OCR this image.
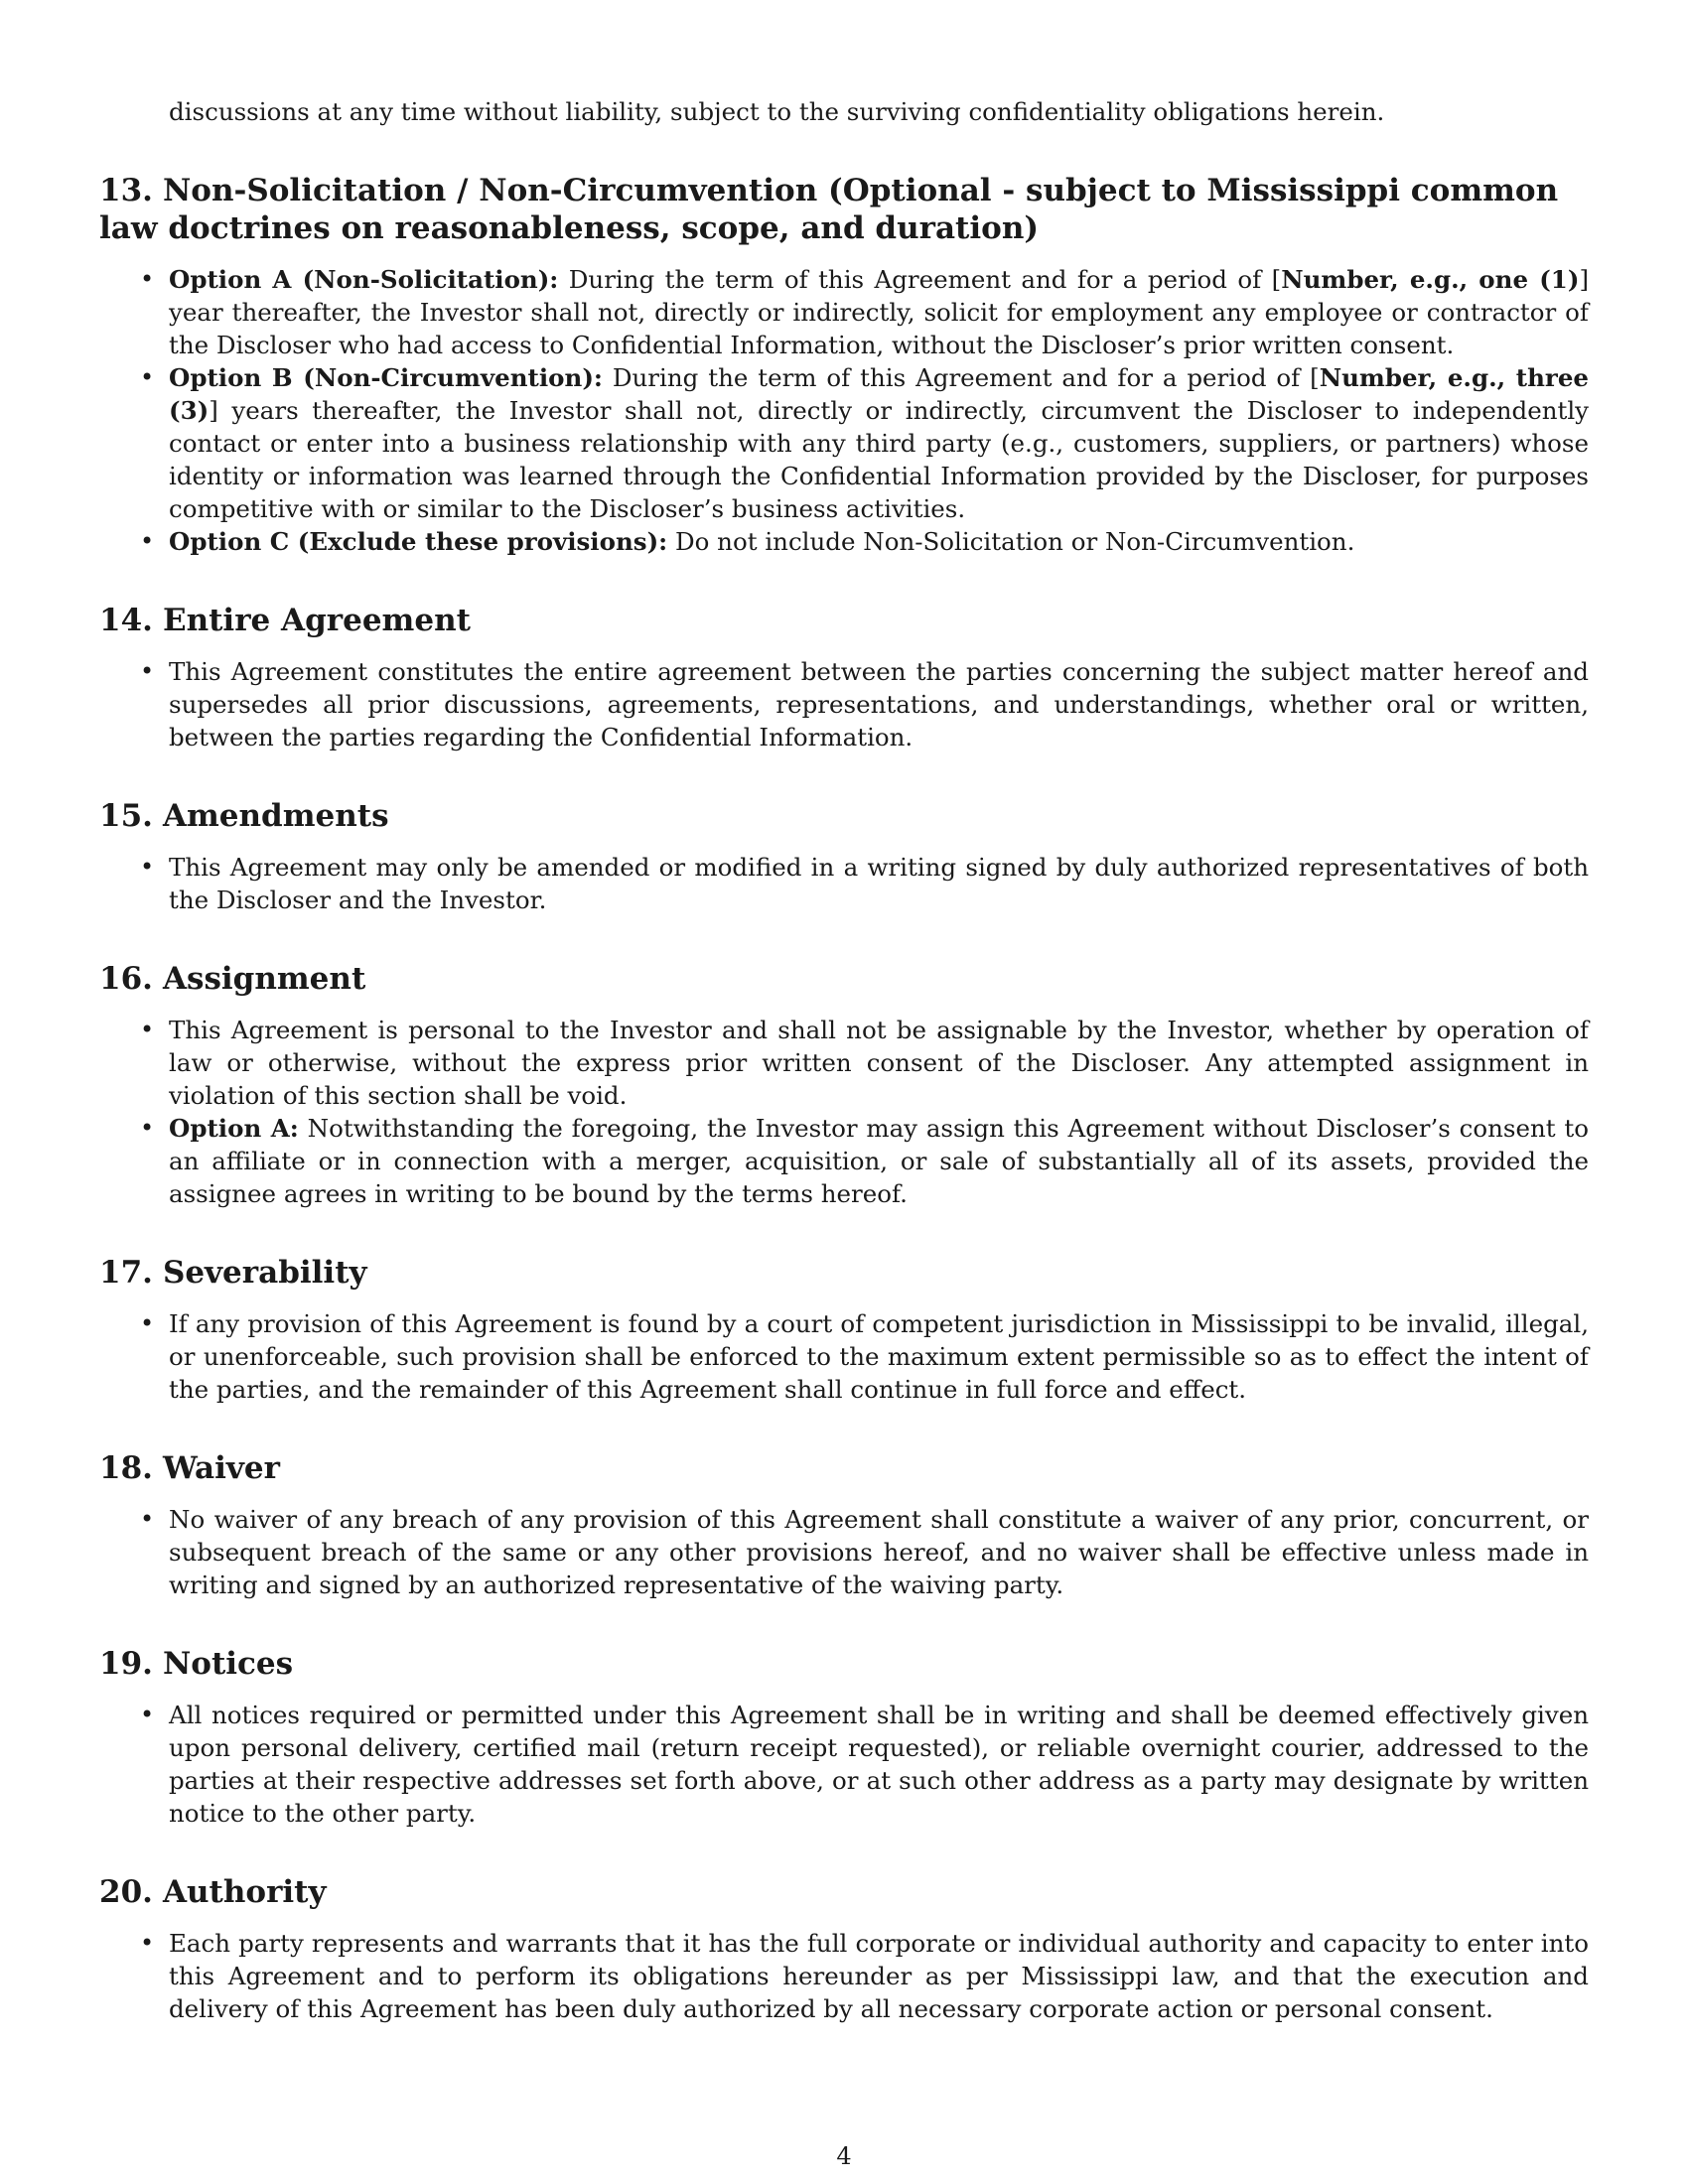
discussions at any time without liability, subject to the surviving confidentiality obligations herein.

13. Non-Solicitation / Non-Circumvention (Optional - subject to Mississippi common law doctrines on reasonableness, scope, and duration)
• Option A (Non-Solicitation): During the term of this Agreement and for a period of [Number, e.g., one (1)] year thereafter, the Investor shall not, directly or indirectly, solicit for employment any employee or contractor of the Discloser who had access to Confidential Information, without the Discloser’s prior written consent.
• Option B (Non-Circumvention): During the term of this Agreement and for a period of [Number, e.g., three (3)] years thereafter, the Investor shall not, directly or indirectly, circumvent the Discloser to independently contact or enter into a business relationship with any third party (e.g., customers, suppliers, or partners) whose identity or information was learned through the Confidential Information provided by the Discloser, for purposes competitive with or similar to the Discloser’s business activities.
• Option C (Exclude these provisions): Do not include Non-Solicitation or Non-Circumvention.
14. Entire Agreement
• This Agreement constitutes the entire agreement between the parties concerning the subject matter hereof and supersedes all prior discussions, agreements, representations, and understandings, whether oral or written, between the parties regarding the Confidential Information.
15. Amendments
• This Agreement may only be amended or modified in a writing signed by duly authorized representatives of both the Discloser and the Investor.
16. Assignment
• This Agreement is personal to the Investor and shall not be assignable by the Investor, whether by operation of law or otherwise, without the express prior written consent of the Discloser. Any attempted assignment in violation of this section shall be void.
• Option A: Notwithstanding the foregoing, the Investor may assign this Agreement without Discloser’s consent to an affiliate or in connection with a merger, acquisition, or sale of substantially all of its assets, provided the assignee agrees in writing to be bound by the terms hereof.
17. Severability
• If any provision of this Agreement is found by a court of competent jurisdiction in Mississippi to be invalid, illegal, or unenforceable, such provision shall be enforced to the maximum extent permissible so as to effect the intent of the parties, and the remainder of this Agreement shall continue in full force and effect.
18. Waiver
• No waiver of any breach of any provision of this Agreement shall constitute a waiver of any prior, concurrent, or subsequent breach of the same or any other provisions hereof, and no waiver shall be effective unless made in writing and signed by an authorized representative of the waiving party.
19. Notices
• All notices required or permitted under this Agreement shall be in writing and shall be deemed effectively given upon personal delivery, certified mail (return receipt requested), or reliable overnight courier, addressed to the parties at their respective addresses set forth above, or at such other address as a party may designate by written notice to the other party.
20. Authority
• Each party represents and warrants that it has the full corporate or individual authority and capacity to enter into this Agreement and to perform its obligations hereunder as per Mississippi law, and that the execution and delivery of this Agreement has been duly authorized by all necessary corporate action or personal consent.
4
